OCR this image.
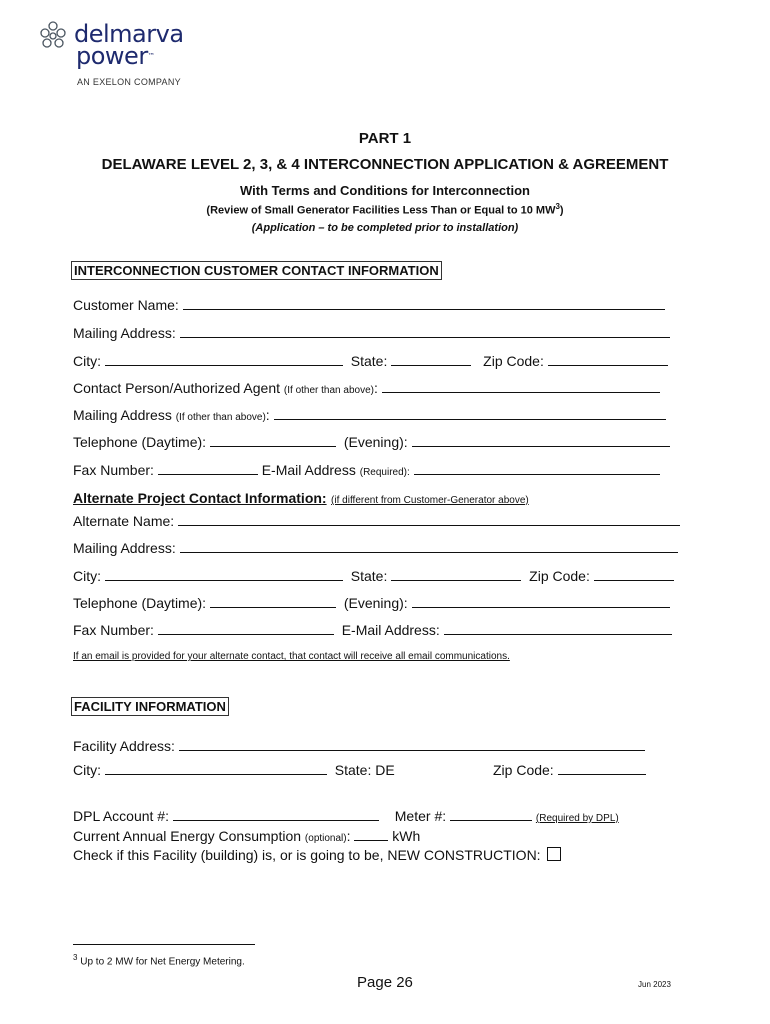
delmarva
power™
AN EXELON COMPANY
PART 1
DELAWARE LEVEL 2, 3, & 4 INTERCONNECTION APPLICATION & AGREEMENT
With Terms and Conditions for Interconnection
(Review of Small Generator Facilities Less Than or Equal to 10 $MW^3$)
(Application – to be completed prior to installation)
INTERCONNECTION CUSTOMER CONTACT INFORMATION
Customer Name:
Mailing Address:
City:	State:	Zip Code:
Contact Person/Authorized Agent (If other than above):
Mailing Address (If other than above):
Telephone (Daytime):	(Evening):
Fax Number:	E-Mail Address (Required):
Alternate Project Contact Information: (if different from Customer-Generator above)
Alternate Name:
Mailing Address:
City:	State:	Zip Code:
Telephone (Daytime):	(Evening):
Fax Number:	E-Mail Address:
If an email is provided for your alternate contact, that contact will receive all email communications.
FACILITY INFORMATION
Facility Address:
City:	State: DE	Zip Code:
DPL Account #:	Meter #:	(Required by DPL)
Current Annual Energy Consumption (optional):	kWh
Check if this Facility (building) is, or is going to be, NEW CONSTRUCTION:
$^3$ Up to 2 MW for Net Energy Metering.
Page 26	Jun 2023
